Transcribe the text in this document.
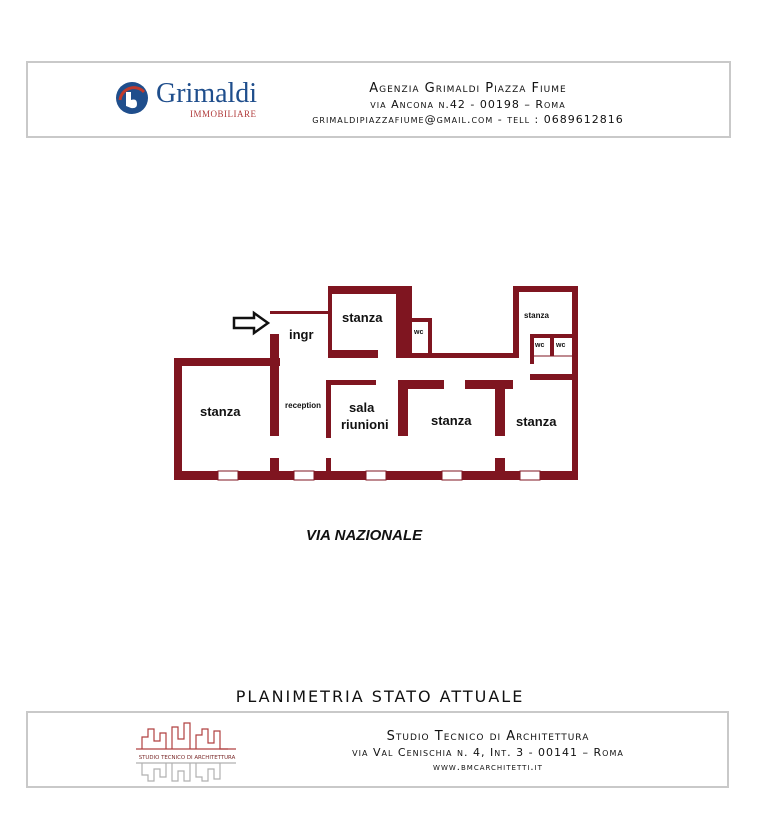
Grimaldi
IMMOBILIARE
Agenzia Grimaldi Piazza Fiume
via Ancona n.42 - 00198 – Roma
grimaldipiazzafiume@gmail.com - tell : 0689612816
ingr
stanza
wc
stanza
wc wc
stanza	reception sala
riunioni	stanza	stanza
VIA NAZIONALE
PLANIMETRIA STATO ATTUALE
STUDIO TECNICO DI ARCHITETTURA
Studio Tecnico di Architettura
via Val Cenischia n. 4, Int. 3 - 00141 – Roma
www.bmcarchitetti.it
